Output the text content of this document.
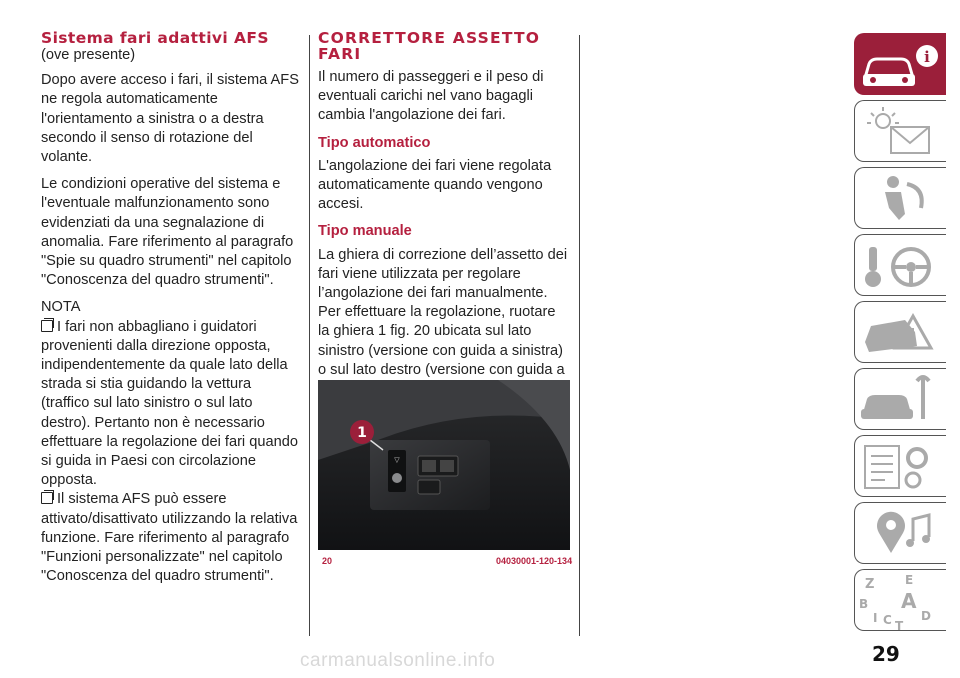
Sistema fari adattivi AFS

(ove presente)

Dopo avere acceso i fari, il sistema AFS ne regola automaticamente l'orientamento a sinistra o a destra secondo il senso di rotazione del volante.

Le condizioni operative del sistema e l'eventuale malfunzionamento sono evidenziati da una segnalazione di anomalia. Fare riferimento al paragrafo "Spie su quadro strumenti" nel capitolo "Conoscenza del quadro strumenti".

NOTA
I fari non abbagliano i guidatori provenienti dalla direzione opposta, indipendentemente da quale lato della strada si stia guidando la vettura (traffico sul lato sinistro o sul lato destro). Pertanto non è necessario effettuare la regolazione dei fari quando si guida in Paesi con circolazione opposta.
Il sistema AFS può essere attivato/disattivato utilizzando la relativa funzione. Fare riferimento al paragrafo "Funzioni personalizzate" nel capitolo "Conoscenza del quadro strumenti".
CORRETTORE ASSETTO FARI

Il numero di passeggeri e il peso di eventuali carichi nel vano bagagli cambia l'angolazione dei fari.

Tipo automatico

L'angolazione dei fari viene regolata automaticamente quando vengono accesi.

Tipo manuale

La ghiera di correzione dell’assetto dei fari viene utilizzata per regolare l’angolazione dei fari manualmente. Per effettuare la regolazione, ruotare la ghiera 1 fig. 20 ubicata sul lato sinistro (versione con guida a sinistra) o sul lato destro (versione con guida a

▽
1
20	04030001-120-134
i
Z	E
B A
I C T
D
29
carmanualsonline.info
